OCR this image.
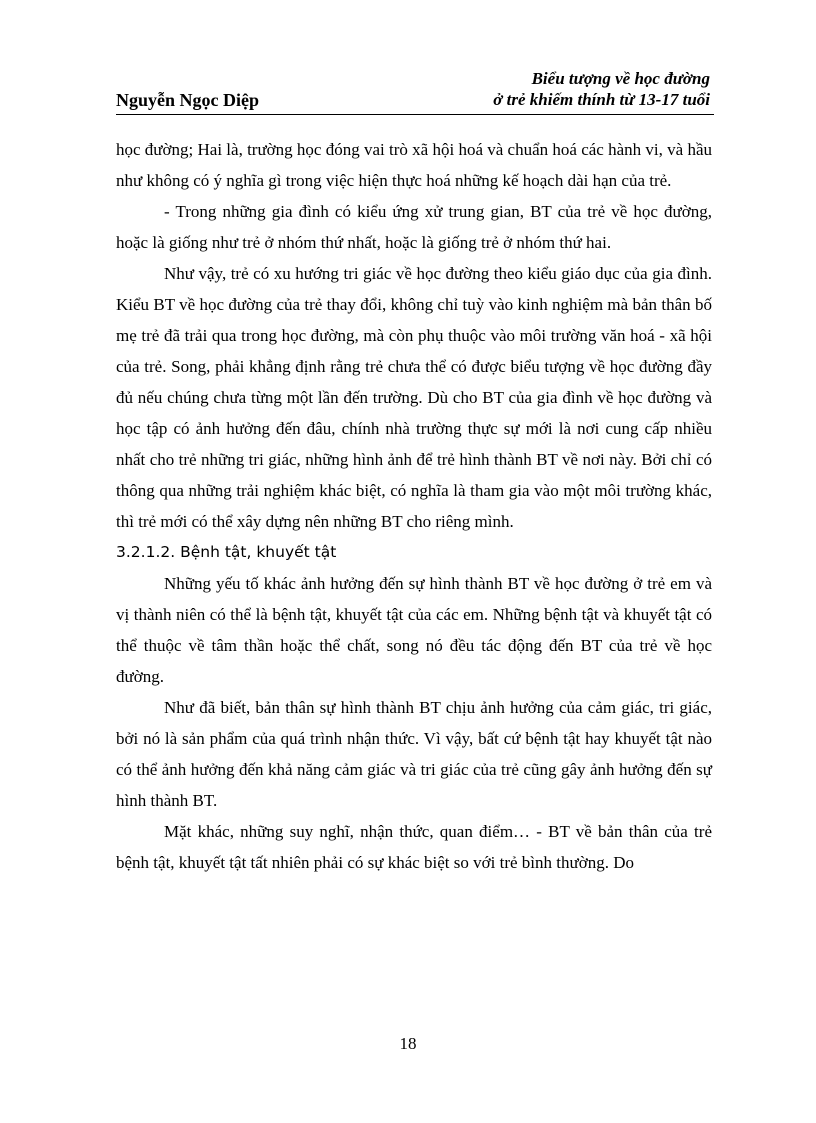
Nguyễn Ngọc Diệp
Biểu tượng về học đường
ở trẻ khiếm thính từ 13-17 tuổi

học đường; Hai là, trường học đóng vai trò xã hội hoá và chuẩn hoá các hành vi, và hầu như không có ý nghĩa gì trong việc hiện thực hoá những kế hoạch dài hạn của trẻ.

- Trong những gia đình có kiểu ứng xử trung gian, BT của trẻ về học đường, hoặc là giống như trẻ ở nhóm thứ nhất, hoặc là giống trẻ ở nhóm thứ hai.

Như vậy, trẻ có xu hướng tri giác về học đường theo kiểu giáo dục của gia đình. Kiểu BT về học đường của trẻ thay đổi, không chỉ tuỳ vào kinh nghiệm mà bản thân bố mẹ trẻ đã trải qua trong học đường, mà còn phụ thuộc vào môi trường văn hoá - xã hội của trẻ. Song, phải khẳng định rằng trẻ chưa thể có được biểu tượng về học đường đầy đủ nếu chúng chưa từng một lần đến trường. Dù cho BT của gia đình về học đường và học tập có ảnh hưởng đến đâu, chính nhà trường thực sự mới là nơi cung cấp nhiều nhất cho trẻ những tri giác, những hình ảnh để trẻ hình thành BT về nơi này. Bởi chỉ có thông qua những trải nghiệm khác biệt, có nghĩa là tham gia vào một môi trường khác, thì trẻ mới có thể xây dựng nên những BT cho riêng mình.

3.2.1.2. Bệnh tật, khuyết tật

Những yếu tố khác ảnh hưởng đến sự hình thành BT về học đường ở trẻ em và vị thành niên có thể là bệnh tật, khuyết tật của các em. Những bệnh tật và khuyết tật có thể thuộc về tâm thần hoặc thể chất, song nó đều tác động đến BT của trẻ về học đường.

Như đã biết, bản thân sự hình thành BT chịu ảnh hưởng của cảm giác, tri giác, bởi nó là sản phẩm của quá trình nhận thức. Vì vậy, bất cứ bệnh tật hay khuyết tật nào có thể ảnh hưởng đến khả năng cảm giác và tri giác của trẻ cũng gây ảnh hưởng đến sự hình thành BT.

Mặt khác, những suy nghĩ, nhận thức, quan điểm… - BT về bản thân của trẻ bệnh tật, khuyết tật tất nhiên phải có sự khác biệt so với trẻ bình thường. Do

18
